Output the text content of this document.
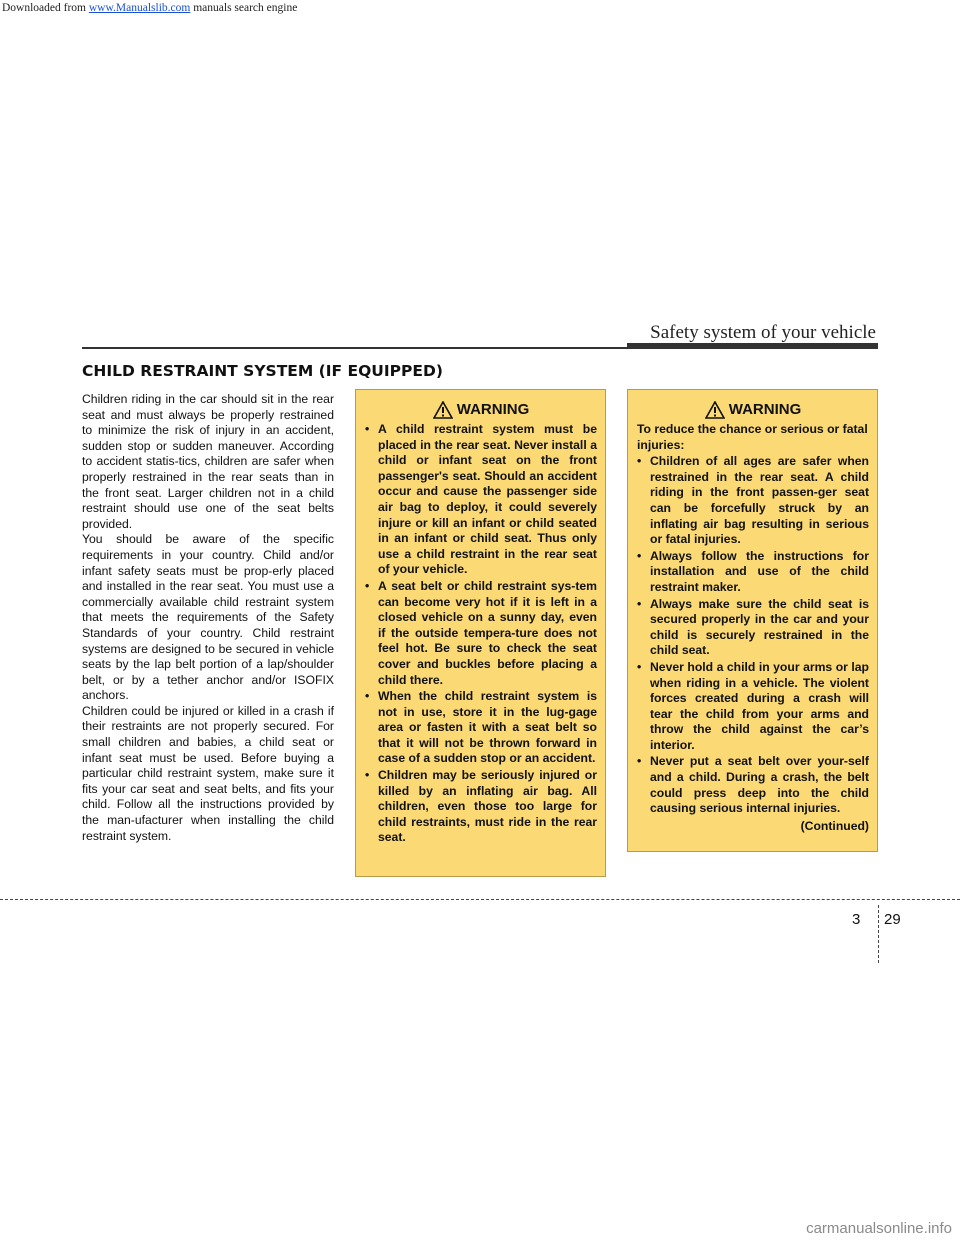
Downloaded from www.Manualslib.com manuals search engine
Safety system of your vehicle
CHILD RESTRAINT SYSTEM (IF EQUIPPED)

Children riding in the car should sit in the rear seat and must always be properly restrained to minimize the risk of injury in an accident, sudden stop or sudden maneuver. According to accident statis-tics, children are safer when properly restrained in the rear seats than in the front seat. Larger children not in a child restraint should use one of the seat belts provided.

You should be aware of the specific requirements in your country. Child and/or infant safety seats must be prop-erly placed and installed in the rear seat. You must use a commercially available child restraint system that meets the requirements of the Safety Standards of your country. Child restraint systems are designed to be secured in vehicle seats by the lap belt portion of a lap/shoulder belt, or by a tether anchor and/or ISOFIX anchors.

Children could be injured or killed in a crash if their restraints are not properly secured. For small children and babies, a child seat or infant seat must be used. Before buying a particular child restraint system, make sure it fits your car seat and seat belts, and fits your child. Follow all the instructions provided by the man-ufacturer when installing the child restraint system.

WARNING
• A child restraint system must be placed in the rear seat. Never install a child or infant seat on the front passenger's seat. Should an accident occur and cause the passenger side air bag to deploy, it could severely injure or kill an infant or child seated in an infant or child seat. Thus only use a child restraint in the rear seat of your vehicle.
• A seat belt or child restraint sys-tem can become very hot if it is left in a closed vehicle on a sunny day, even if the outside tempera-ture does not feel hot. Be sure to check the seat cover and buckles before placing a child there.
• When the child restraint system is not in use, store it in the lug-gage area or fasten it with a seat belt so that it will not be thrown forward in case of a sudden stop or an accident.
• Children may be seriously injured or killed by an inflating air bag. All children, even those too large for child restraints, must ride in the rear seat.
WARNING
To reduce the chance or serious or fatal injuries:
• Children of all ages are safer when restrained in the rear seat. A child riding in the front passen-ger seat can be forcefully struck by an inflating air bag resulting in serious or fatal injuries.
• Always follow the instructions for installation and use of the child restraint maker.
• Always make sure the child seat is secured properly in the car and your child is securely restrained in the child seat.
• Never hold a child in your arms or lap when riding in a vehicle. The violent forces created during a crash will tear the child from your arms and throw the child against the car’s interior.
• Never put a seat belt over your-self and a child. During a crash, the belt could press deep into the child causing serious internal injuries.
(Continued)
3 29
carmanualsonline.info
